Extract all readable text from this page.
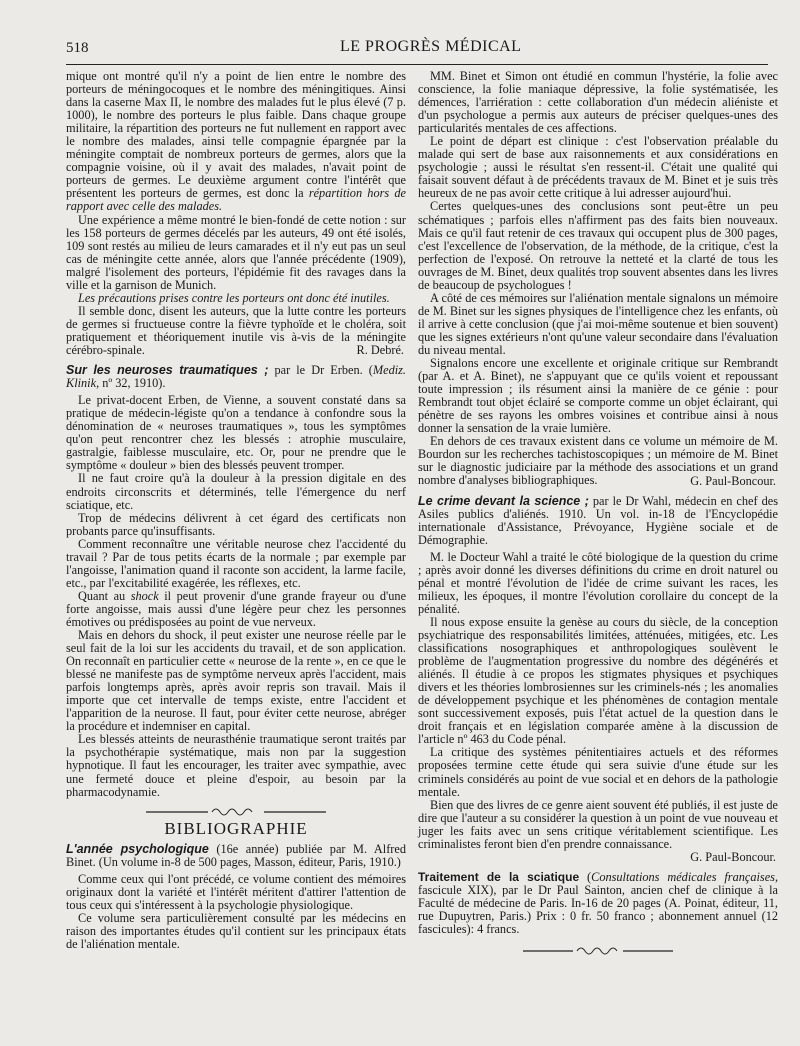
518	LE PROGRÈS MÉDICAL

mique ont montré qu'il n'y a point de lien entre le nombre des porteurs de méningocoques et le nombre des méningitiques. Ainsi dans la caserne Max II, le nombre des malades fut le plus élevé (7 p. 1000), le nombre des porteurs le plus faible. Dans chaque groupe militaire, la répartition des porteurs ne fut nullement en rapport avec le nombre des malades, ainsi telle compagnie épargnée par la méningite comptait de nombreux porteurs de germes, alors que la compagnie voisine, où il y avait des malades, n'avait point de porteurs de germes. Le deuxième argument contre l'intérêt que présentent les porteurs de germes, est donc la répartition hors de rapport avec celle des malades.

Une expérience a même montré le bien-fondé de cette notion : sur les 158 porteurs de germes décelés par les auteurs, 49 ont été isolés, 109 sont restés au milieu de leurs camarades et il n'y eut pas un seul cas de méningite cette année, alors que l'année précédente (1909), malgré l'isolement des porteurs, l'épidémie fit des ravages dans la ville et la garnison de Munich.

Les précautions prises contre les porteurs ont donc été inutiles.

Il semble donc, disent les auteurs, que la lutte contre les porteurs de germes si fructueuse contre la fièvre typhoïde et le choléra, soit pratiquement et théoriquement inutile vis à-vis de la méningite cérébro-spinale.	R. Debré.

Sur les neuroses traumatiques ; par le Dr Erben. (Mediz. Klinik, nº 32, 1910).

Le privat-docent Erben, de Vienne, a souvent constaté dans sa pratique de médecin-légiste qu'on a tendance à confondre sous la dénomination de « neuroses traumatiques », tous les symptômes qu'on peut rencontrer chez les blessés : atrophie musculaire, gastralgie, faiblesse musculaire, etc. Or, pour ne prendre que le symptôme « douleur » bien des blessés peuvent tromper.

Il ne faut croire qu'à la douleur à la pression digitale en des endroits circonscrits et déterminés, telle l'émergence du nerf sciatique, etc.

Trop de médecins délivrent à cet égard des certificats non probants parce qu'insuffisants.

Comment reconnaître une véritable neurose chez l'accidenté du travail ? Par de tous petits écarts de la normale ; par exemple par l'angoisse, l'animation quand il raconte son accident, la larme facile, etc., par l'excitabilité exagérée, les réflexes, etc.

Quant au shock il peut provenir d'une grande frayeur ou d'une forte angoisse, mais aussi d'une légère peur chez les personnes émotives ou prédisposées au point de vue nerveux.

Mais en dehors du shock, il peut exister une neurose réelle par le seul fait de la loi sur les accidents du travail, et de son application. On reconnaît en particulier cette « neurose de la rente », en ce que le blessé ne manifeste pas de symptôme nerveux après l'accident, mais parfois longtemps après, après avoir repris son travail. Mais il importe que cet intervalle de temps existe, entre l'accident et l'apparition de la neurose. Il faut, pour éviter cette neurose, abréger la procédure et indemniser en capital.

Les blessés atteints de neurasthénie traumatique seront traités par la psychothérapie systématique, mais non par la suggestion hypnotique. Il faut les encourager, les traiter avec sympathie, avec une fermeté douce et pleine d'espoir, au besoin par la pharmacodynamie.

BIBLIOGRAPHIE

L'année psychologique (16e année) publiée par M. Alfred Binet. (Un volume in-8 de 500 pages, Masson, éditeur, Paris, 1910.)

Comme ceux qui l'ont précédé, ce volume contient des mémoires originaux dont la variété et l'intérêt méritent d'attirer l'attention de tous ceux qui s'intéressent à la psychologie physiologique.

Ce volume sera particulièrement consulté par les médecins en raison des importantes études qu'il contient sur les principaux états de l'aliénation mentale.

MM. Binet et Simon ont étudié en commun l'hystérie, la folie avec conscience, la folie maniaque dépressive, la folie systématisée, les démences, l'arriération : cette collaboration d'un médecin aliéniste et d'un psychologue a permis aux auteurs de préciser quelques-unes des particularités mentales de ces affections.

Le point de départ est clinique : c'est l'observation préalable du malade qui sert de base aux raisonnements et aux considérations en psychologie ; aussi le résultat s'en ressent-il. C'était une qualité qui faisait souvent défaut à de précédents travaux de M. Binet et je suis très heureux de ne pas avoir cette critique à lui adresser aujourd'hui.

Certes quelques-unes des conclusions sont peut-être un peu schématiques ; parfois elles n'affirment pas des faits bien nouveaux. Mais ce qu'il faut retenir de ces travaux qui occupent plus de 300 pages, c'est l'excellence de l'observation, de la méthode, de la critique, c'est la perfection de l'exposé. On retrouve la netteté et la clarté de tous les ouvrages de M. Binet, deux qualités trop souvent absentes dans les livres de beaucoup de psychologues !

A côté de ces mémoires sur l'aliénation mentale signalons un mémoire de M. Binet sur les signes physiques de l'intelligence chez les enfants, où il arrive à cette conclusion (que j'ai moi-même soutenue et bien souvent) que les signes extérieurs n'ont qu'une valeur secondaire dans l'évaluation du niveau mental.

Signalons encore une excellente et originale critique sur Rembrandt (par A. et A. Binet), ne s'appuyant que ce qu'ils voient et repoussant toute impression ; ils résument ainsi la manière de ce génie : pour Rembrandt tout objet éclairé se comporte comme un objet éclairant, qui pénètre de ses rayons les ombres voisines et contribue ainsi à nous donner la sensation de la vraie lumière.

En dehors de ces travaux existent dans ce volume un mémoire de M. Bourdon sur les recherches tachistoscopiques ; un mémoire de M. Binet sur le diagnostic judiciaire par la méthode des associations et un grand nombre d'analyses bibliographiques.	G. Paul-Boncour.

Le crime devant la science ; par le Dr Wahl, médecin en chef des Asiles publics d'aliénés. 1910. Un vol. in-18 de l'Encyclopédie internationale d'Assistance, Prévoyance, Hygiène sociale et de Démographie.

M. le Docteur Wahl a traité le côté biologique de la question du crime ; après avoir donné les diverses définitions du crime en droit naturel ou pénal et montré l'évolution de l'idée de crime suivant les races, les milieux, les époques, il montre l'évolution corollaire du concept de la pénalité.

Il nous expose ensuite la genèse au cours du siècle, de la conception psychiatrique des responsabilités limitées, atténuées, mitigées, etc. Les classifications nosographiques et anthropologiques soulèvent le problème de l'augmentation progressive du nombre des dégénérés et aliénés. Il étudie à ce propos les stigmates physiques et psychiques divers et les théories lombrosiennes sur les criminels-nés ; les anomalies de développement psychique et les phénomènes de contagion mentale sont successivement exposés, puis l'état actuel de la question dans le droit français et en législation comparée amène à la discussion de l'article nº 463 du Code pénal.

La critique des systèmes pénitentiaires actuels et des réformes proposées termine cette étude qui sera suivie d'une étude sur les criminels considérés au point de vue social et en dehors de la pathologie mentale.

Bien que des livres de ce genre aient souvent été publiés, il est juste de dire que l'auteur a su considérer la question à un point de vue nouveau et juger les faits avec un sens critique véritablement scientifique. Les criminalistes feront bien d'en prendre connaissance.

G. Paul-Boncour.

Traitement de la sciatique (Consultations médicales françaises, fascicule XIX), par le Dr Paul Sainton, ancien chef de clinique à la Faculté de médecine de Paris. In-16 de 20 pages (A. Poinat, éditeur, 11, rue Dupuytren, Paris.) Prix : 0 fr. 50 franco ; abonnement annuel (12 fascicules): 4 francs.
